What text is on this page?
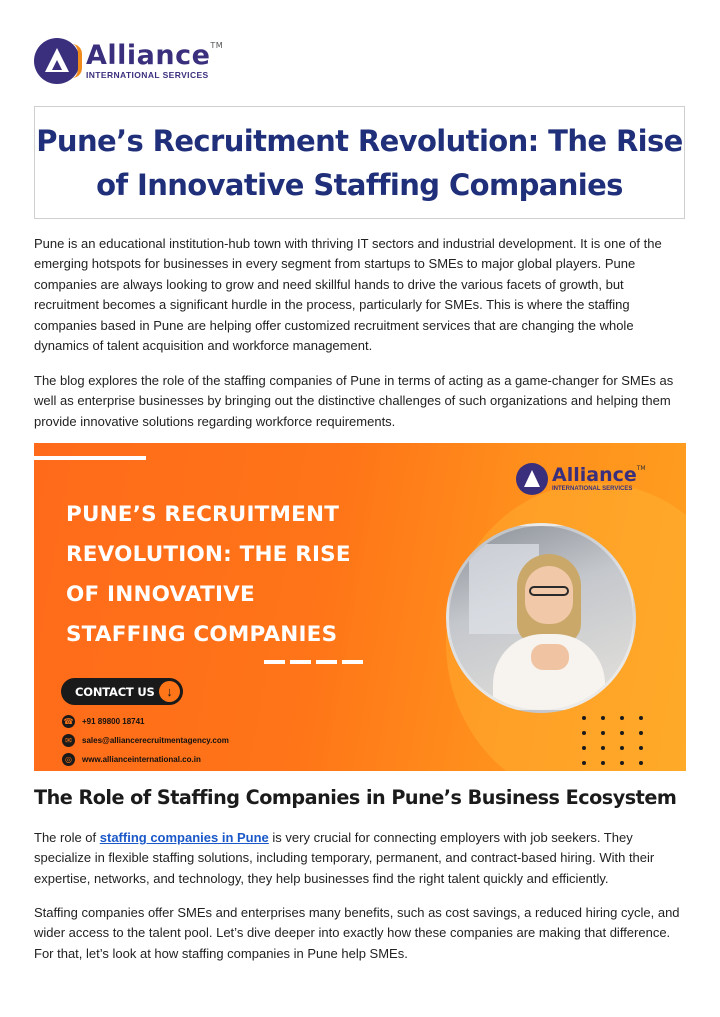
Alliance™
INTERNATIONAL SERVICES
Pune’s Recruitment Revolution: The Rise of Innovative Staffing Companies

Pune is an educational institution-hub town with thriving IT sectors and industrial development. It is one of the emerging hotspots for businesses in every segment from startups to SMEs to major global players. Pune companies are always looking to grow and need skillful hands to drive the various facets of growth, but recruitment becomes a significant hurdle in the process, particularly for SMEs. This is where the staffing companies based in Pune are helping offer customized recruitment services that are changing the whole dynamics of talent acquisition and workforce management.

The blog explores the role of the staffing companies of Pune in terms of acting as a game-changer for SMEs as well as enterprise businesses by bringing out the distinctive challenges of such organizations and helping them provide innovative solutions regarding workforce requirements.

Alliance™
INTERNATIONAL SERVICES
PUNE’S RECRUITMENT
REVOLUTION: THE RISE
OF INNOVATIVE
STAFFING COMPANIES
CONTACT US ↓
☎ +91 89800 18741
✉	sales@alliancerecruitmentagency.com
◎	www.allianceinternational.co.in
The Role of Staffing Companies in Pune’s Business Ecosystem

The role of staffing companies in Pune is very crucial for connecting employers with job seekers. They specialize in flexible staffing solutions, including temporary, permanent, and contract-based hiring. With their expertise, networks, and technology, they help businesses find the right talent quickly and efficiently.

Staffing companies offer SMEs and enterprises many benefits, such as cost savings, a reduced hiring cycle, and wider access to the talent pool. Let’s dive deeper into exactly how these companies are making that difference. For that, let’s look at how staffing companies in Pune help SMEs.
